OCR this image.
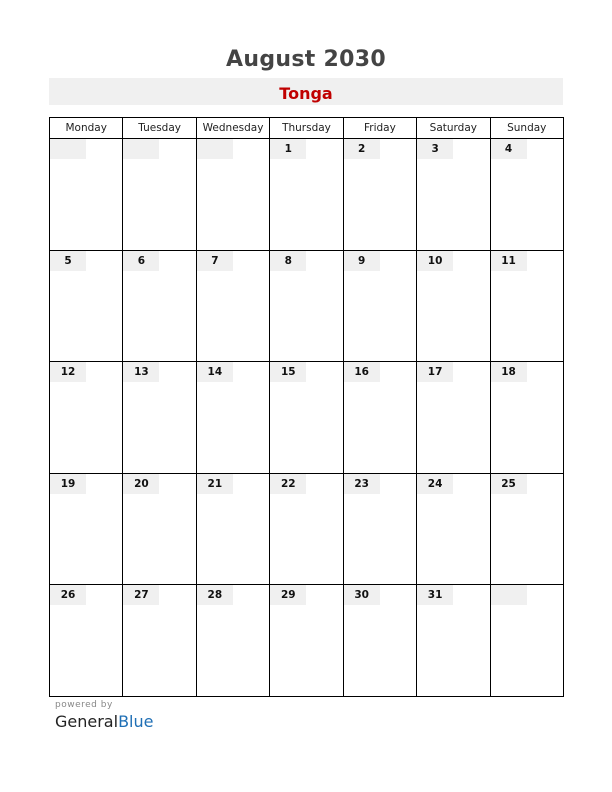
August 2030
Tonga
Monday	Tuesday	Wednesday	Thursday	Friday	Saturday	Sunday

			1	2	3	4

5	6	7	8	9	10	11

12	13	14	15	16	17	18

19	20	21	22	23	24	25

26	27	28	29	30	31	

powered by
GeneralBlue
